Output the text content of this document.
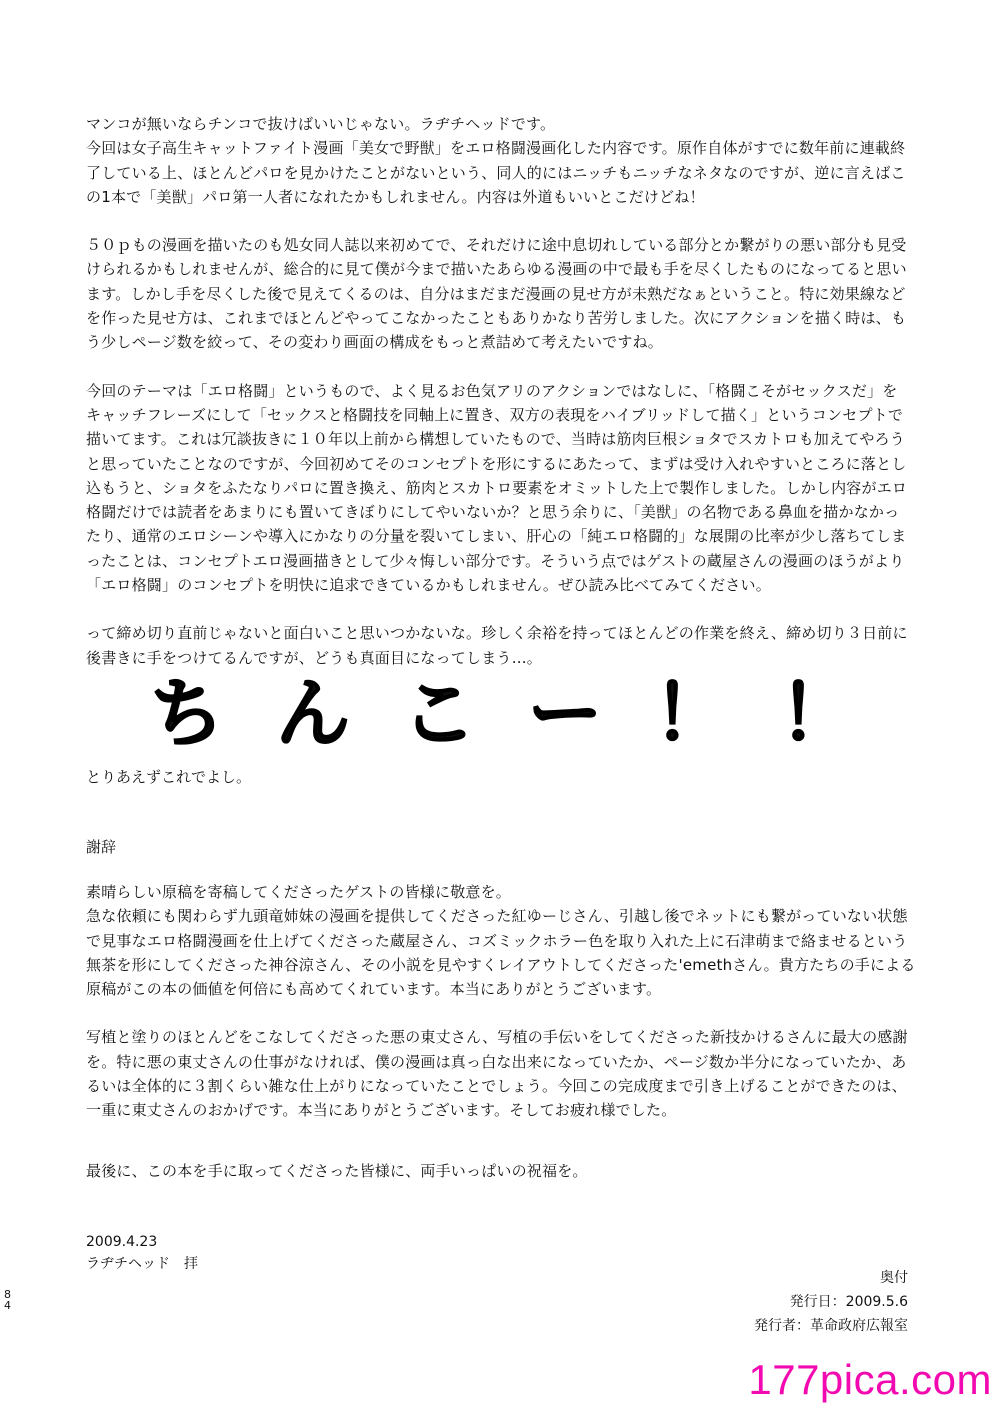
マンコが無いならチンコで抜けばいいじゃない。ラヂチヘッドです。
今回は女子高生キャットファイト漫画「美女で野獣」をエロ格闘漫画化した内容です。原作自体がすでに数年前に連載終
了している上、ほとんどパロを見かけたことがないという、同人的にはニッチもニッチなネタなのですが、逆に言えばこ
の1本で「美獣」パロ第一人者になれたかもしれません。内容は外道もいいとこだけどね！

５０ｐもの漫画を描いたのも処女同人誌以来初めてで、それだけに途中息切れしている部分とか繋がりの悪い部分も見受
けられるかもしれませんが、総合的に見て僕が今まで描いたあらゆる漫画の中で最も手を尽くしたものになってると思い
ます。しかし手を尽くした後で見えてくるのは、自分はまだまだ漫画の見せ方が未熟だなぁということ。特に効果線など
を作った見せ方は、これまでほとんどやってこなかったこともありかなり苦労しました。次にアクションを描く時は、も
う少しページ数を絞って、その変わり画面の構成をもっと煮詰めて考えたいですね。

今回のテーマは「エロ格闘」というもので、よく見るお色気アリのアクションではなしに、「格闘こそがセックスだ」を
キャッチフレーズにして「セックスと格闘技を同軸上に置き、双方の表現をハイブリッドして描く」というコンセプトで
描いてます。これは冗談抜きに１０年以上前から構想していたもので、当時は筋肉巨根ショタでスカトロも加えてやろう
と思っていたことなのですが、今回初めてそのコンセプトを形にするにあたって、まずは受け入れやすいところに落とし
込もうと、ショタをふたなりパロに置き換え、筋肉とスカトロ要素をオミットした上で製作しました。しかし内容がエロ
格闘だけでは読者をあまりにも置いてきぼりにしてやいないか？と思う余りに、「美獣」の名物である鼻血を描かなかっ
たり、通常のエロシーンや導入にかなりの分量を裂いてしまい、肝心の「純エロ格闘的」な展開の比率が少し落ちてしま
ったことは、コンセプトエロ漫画描きとして少々悔しい部分です。そういう点ではゲストの蔵屋さんの漫画のほうがより
「エロ格闘」のコンセプトを明快に追求できているかもしれません。ぜひ読み比べてみてください。

って締め切り直前じゃないと面白いこと思いつかないな。珍しく余裕を持ってほとんどの作業を終え、締め切り３日前に
後書きに手をつけてるんですが、どうも真面目になってしまう…。

ちんこー！！
とりあえずこれでよし。
謝辞

素晴らしい原稿を寄稿してくださったゲストの皆様に敬意を。
急な依頼にも関わらず九頭竜姉妹の漫画を提供してくださった紅ゆーじさん、引越し後でネットにも繋がっていない状態
で見事なエロ格闘漫画を仕上げてくださった蔵屋さん、コズミックホラー色を取り入れた上に石津萌まで絡ませるという
無茶を形にしてくださった神谷涼さん、その小説を見やすくレイアウトしてくださった'emethさん。貴方たちの手による
原稿がこの本の価値を何倍にも高めてくれています。本当にありがとうございます。

写植と塗りのほとんどをこなしてくださった悪の東丈さん、写植の手伝いをしてくださった新技かけるさんに最大の感謝
を。特に悪の東丈さんの仕事がなければ、僕の漫画は真っ白な出来になっていたか、ページ数か半分になっていたか、あ
るいは全体的に３割くらい雑な仕上がりになっていたことでしょう。今回この完成度まで引き上げることができたのは、
一重に東丈さんのおかげです。本当にありがとうございます。そしてお疲れ様でした。

最後に、この本を手に取ってくださった皆様に、両手いっぱいの祝福を。

2009.4.23
ラヂチヘッド　拝
84
奥付
発行日：2009.5.6
発行者：革命政府広報室
177pica.com
